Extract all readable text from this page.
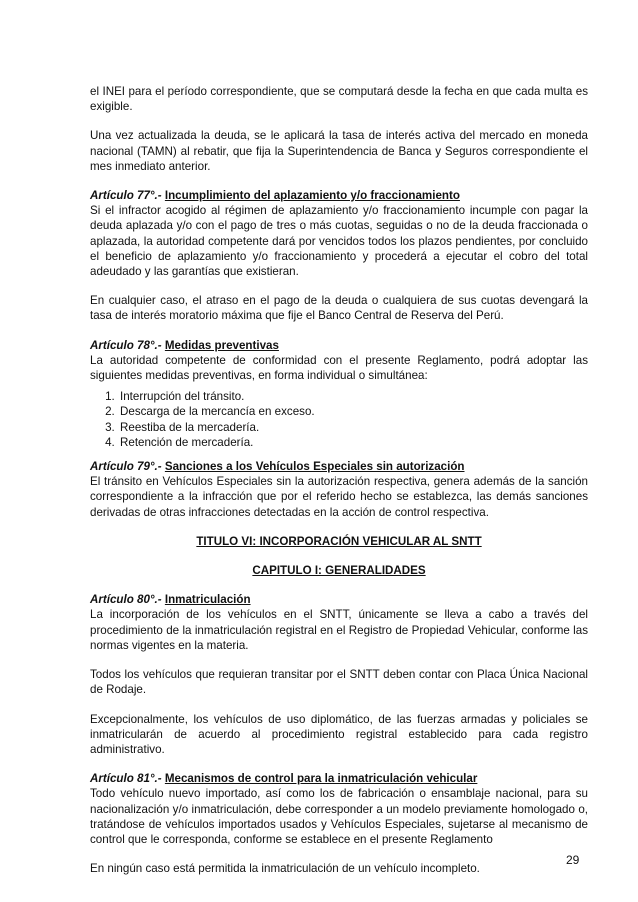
el INEI para el período correspondiente, que se computará desde la fecha en que cada multa es exigible.

Una vez actualizada la deuda, se le aplicará la tasa de interés activa del mercado en moneda nacional (TAMN) al rebatir, que fija la Superintendencia de Banca y Seguros correspondiente el mes inmediato anterior.

Artículo 77°.- Incumplimiento del aplazamiento y/o fraccionamiento
Si el infractor acogido al régimen de aplazamiento y/o fraccionamiento incumple con pagar la deuda aplazada y/o con el pago de tres o más cuotas, seguidas o no de la deuda fraccionada o aplazada, la autoridad competente dará por vencidos todos los plazos pendientes, por concluido el beneficio de aplazamiento y/o fraccionamiento y procederá a ejecutar el cobro del total adeudado y las garantías que existieran.

En cualquier caso, el atraso en el pago de la deuda o cualquiera de sus cuotas devengará la tasa de interés moratorio máxima que fije el Banco Central de Reserva del Perú.

Artículo 78°.- Medidas preventivas
La autoridad competente de conformidad con el presente Reglamento, podrá adoptar las siguientes medidas preventivas, en forma individual o simultánea:
1. Interrupción del tránsito.
2. Descarga de la mercancía en exceso.
3. Reestiba de la mercadería.
4. Retención de mercadería.
Artículo 79°.- Sanciones a los Vehículos Especiales sin autorización
El tránsito en Vehículos Especiales sin la autorización respectiva, genera además de la sanción correspondiente a la infracción que por el referido hecho se establezca, las demás sanciones derivadas de otras infracciones detectadas en la acción de control respectiva.
TITULO VI: INCORPORACIÓN VEHICULAR AL SNTT
CAPITULO I: GENERALIDADES
Artículo 80°.- Inmatriculación
La incorporación de los vehículos en el SNTT, únicamente se lleva a cabo a través del procedimiento de la inmatriculación registral en el Registro de Propiedad Vehicular, conforme las normas vigentes en la materia.

Todos los vehículos que requieran transitar por el SNTT deben contar con Placa Única Nacional de Rodaje.

Excepcionalmente, los vehículos de uso diplomático, de las fuerzas armadas y policiales se inmatricularán de acuerdo al procedimiento registral establecido para cada registro administrativo.

Artículo 81°.- Mecanismos de control para la inmatriculación vehicular
Todo vehículo nuevo importado, así como los de fabricación o ensamblaje nacional, para su nacionalización y/o inmatriculación, debe corresponder a un modelo previamente homologado o, tratándose de vehículos importados usados y Vehículos Especiales, sujetarse al mecanismo de control que le corresponda, conforme se establece en el presente Reglamento

En ningún caso está permitida la inmatriculación de un vehículo incompleto.

29
